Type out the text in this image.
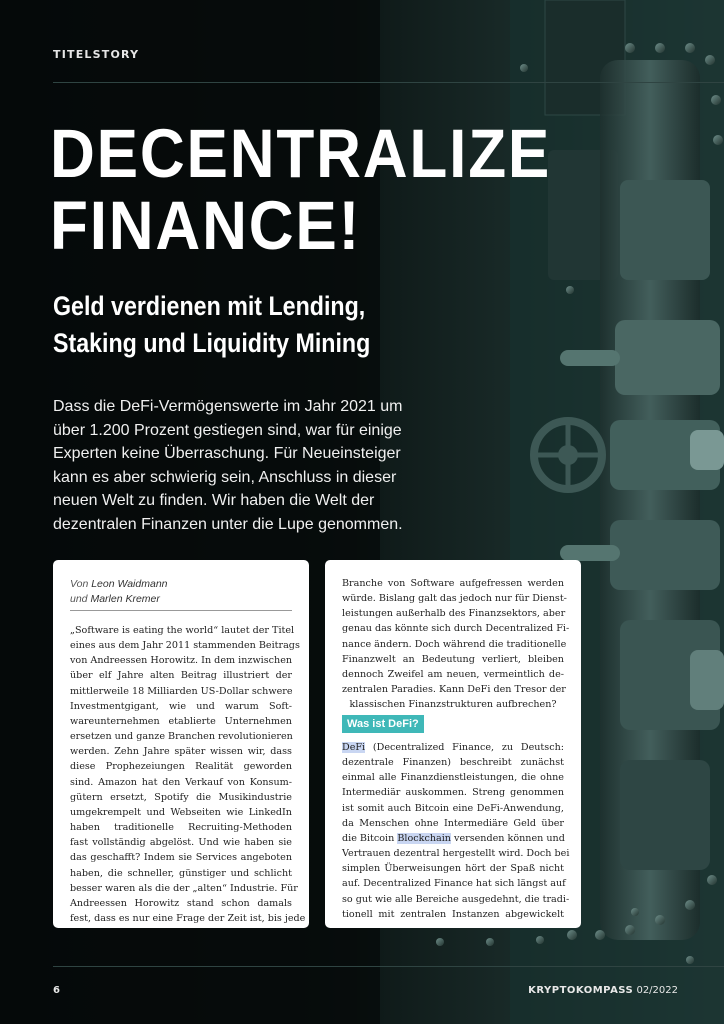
TITELSTORY
DECENTRALIZE
FINANCE!
Geld verdienen mit Lending,
Staking und Liquidity Mining
Dass die DeFi-Vermögenswerte im Jahr 2021 um
über 1.200 Prozent gestiegen sind, war für einige
Experten keine Überraschung. Für Neueinsteiger
kann es aber schwierig sein, Anschluss in dieser
neuen Welt zu finden. Wir haben die Welt der
dezentralen Finanzen unter die Lupe genommen.
Von Leon Waidmann
und Marlen Kremer
„Software is eating the world“ lautet der Titel
eines aus dem Jahr 2011 stammenden Beitrags
von Andreessen Horowitz. In dem inzwischen
über elf Jahre alten Beitrag illustriert der
mittlerweile 18 Milliarden US-Dollar schwere
Investmentgigant, wie und warum Soft-
wareunternehmen etablierte Unternehmen
ersetzen und ganze Branchen revolutionieren
werden. Zehn Jahre später wissen wir, dass
diese Prophezeiungen Realität geworden
sind. Amazon hat den Verkauf von Konsum-
gütern ersetzt, Spotify die Musikindustrie
umgekrempelt und Webseiten wie LinkedIn
haben traditionelle Recruiting-Methoden
fast vollständig abgelöst. Und wie haben sie
das geschafft? Indem sie Services angeboten
haben, die schneller, günstiger und schlicht
besser waren als die der „alten“ Industrie. Für
Andreessen Horowitz stand schon damals
fest, dass es nur eine Frage der Zeit ist, bis jede
Branche von Software aufgefressen werden
würde. Bislang galt das jedoch nur für Dienst-
leistungen außerhalb des Finanzsektors, aber
genau das könnte sich durch Decentralized Fi-
nance ändern. Doch während die traditionelle
Finanzwelt an Bedeutung verliert, bleiben
dennoch Zweifel am neuen, vermeintlich de-
zentralen Paradies. Kann DeFi den Tresor der
klassischen Finanzstrukturen aufbrechen?
Was ist DeFi?
DeFi (Decentralized Finance, zu Deutsch:
dezentrale Finanzen) beschreibt zunächst
einmal alle Finanzdienstleistungen, die ohne
Intermediär auskommen. Streng genommen
ist somit auch Bitcoin eine DeFi-Anwendung,
da Menschen ohne Intermediäre Geld über
die Bitcoin Blockchain versenden können und
Vertrauen dezentral hergestellt wird. Doch bei
simplen Überweisungen hört der Spaß nicht
auf. Decentralized Finance hat sich längst auf
so gut wie alle Bereiche ausgedehnt, die tradi-
tionell mit zentralen Instanzen abgewickelt
6	KRYPTOKOMPASS 02/2022
